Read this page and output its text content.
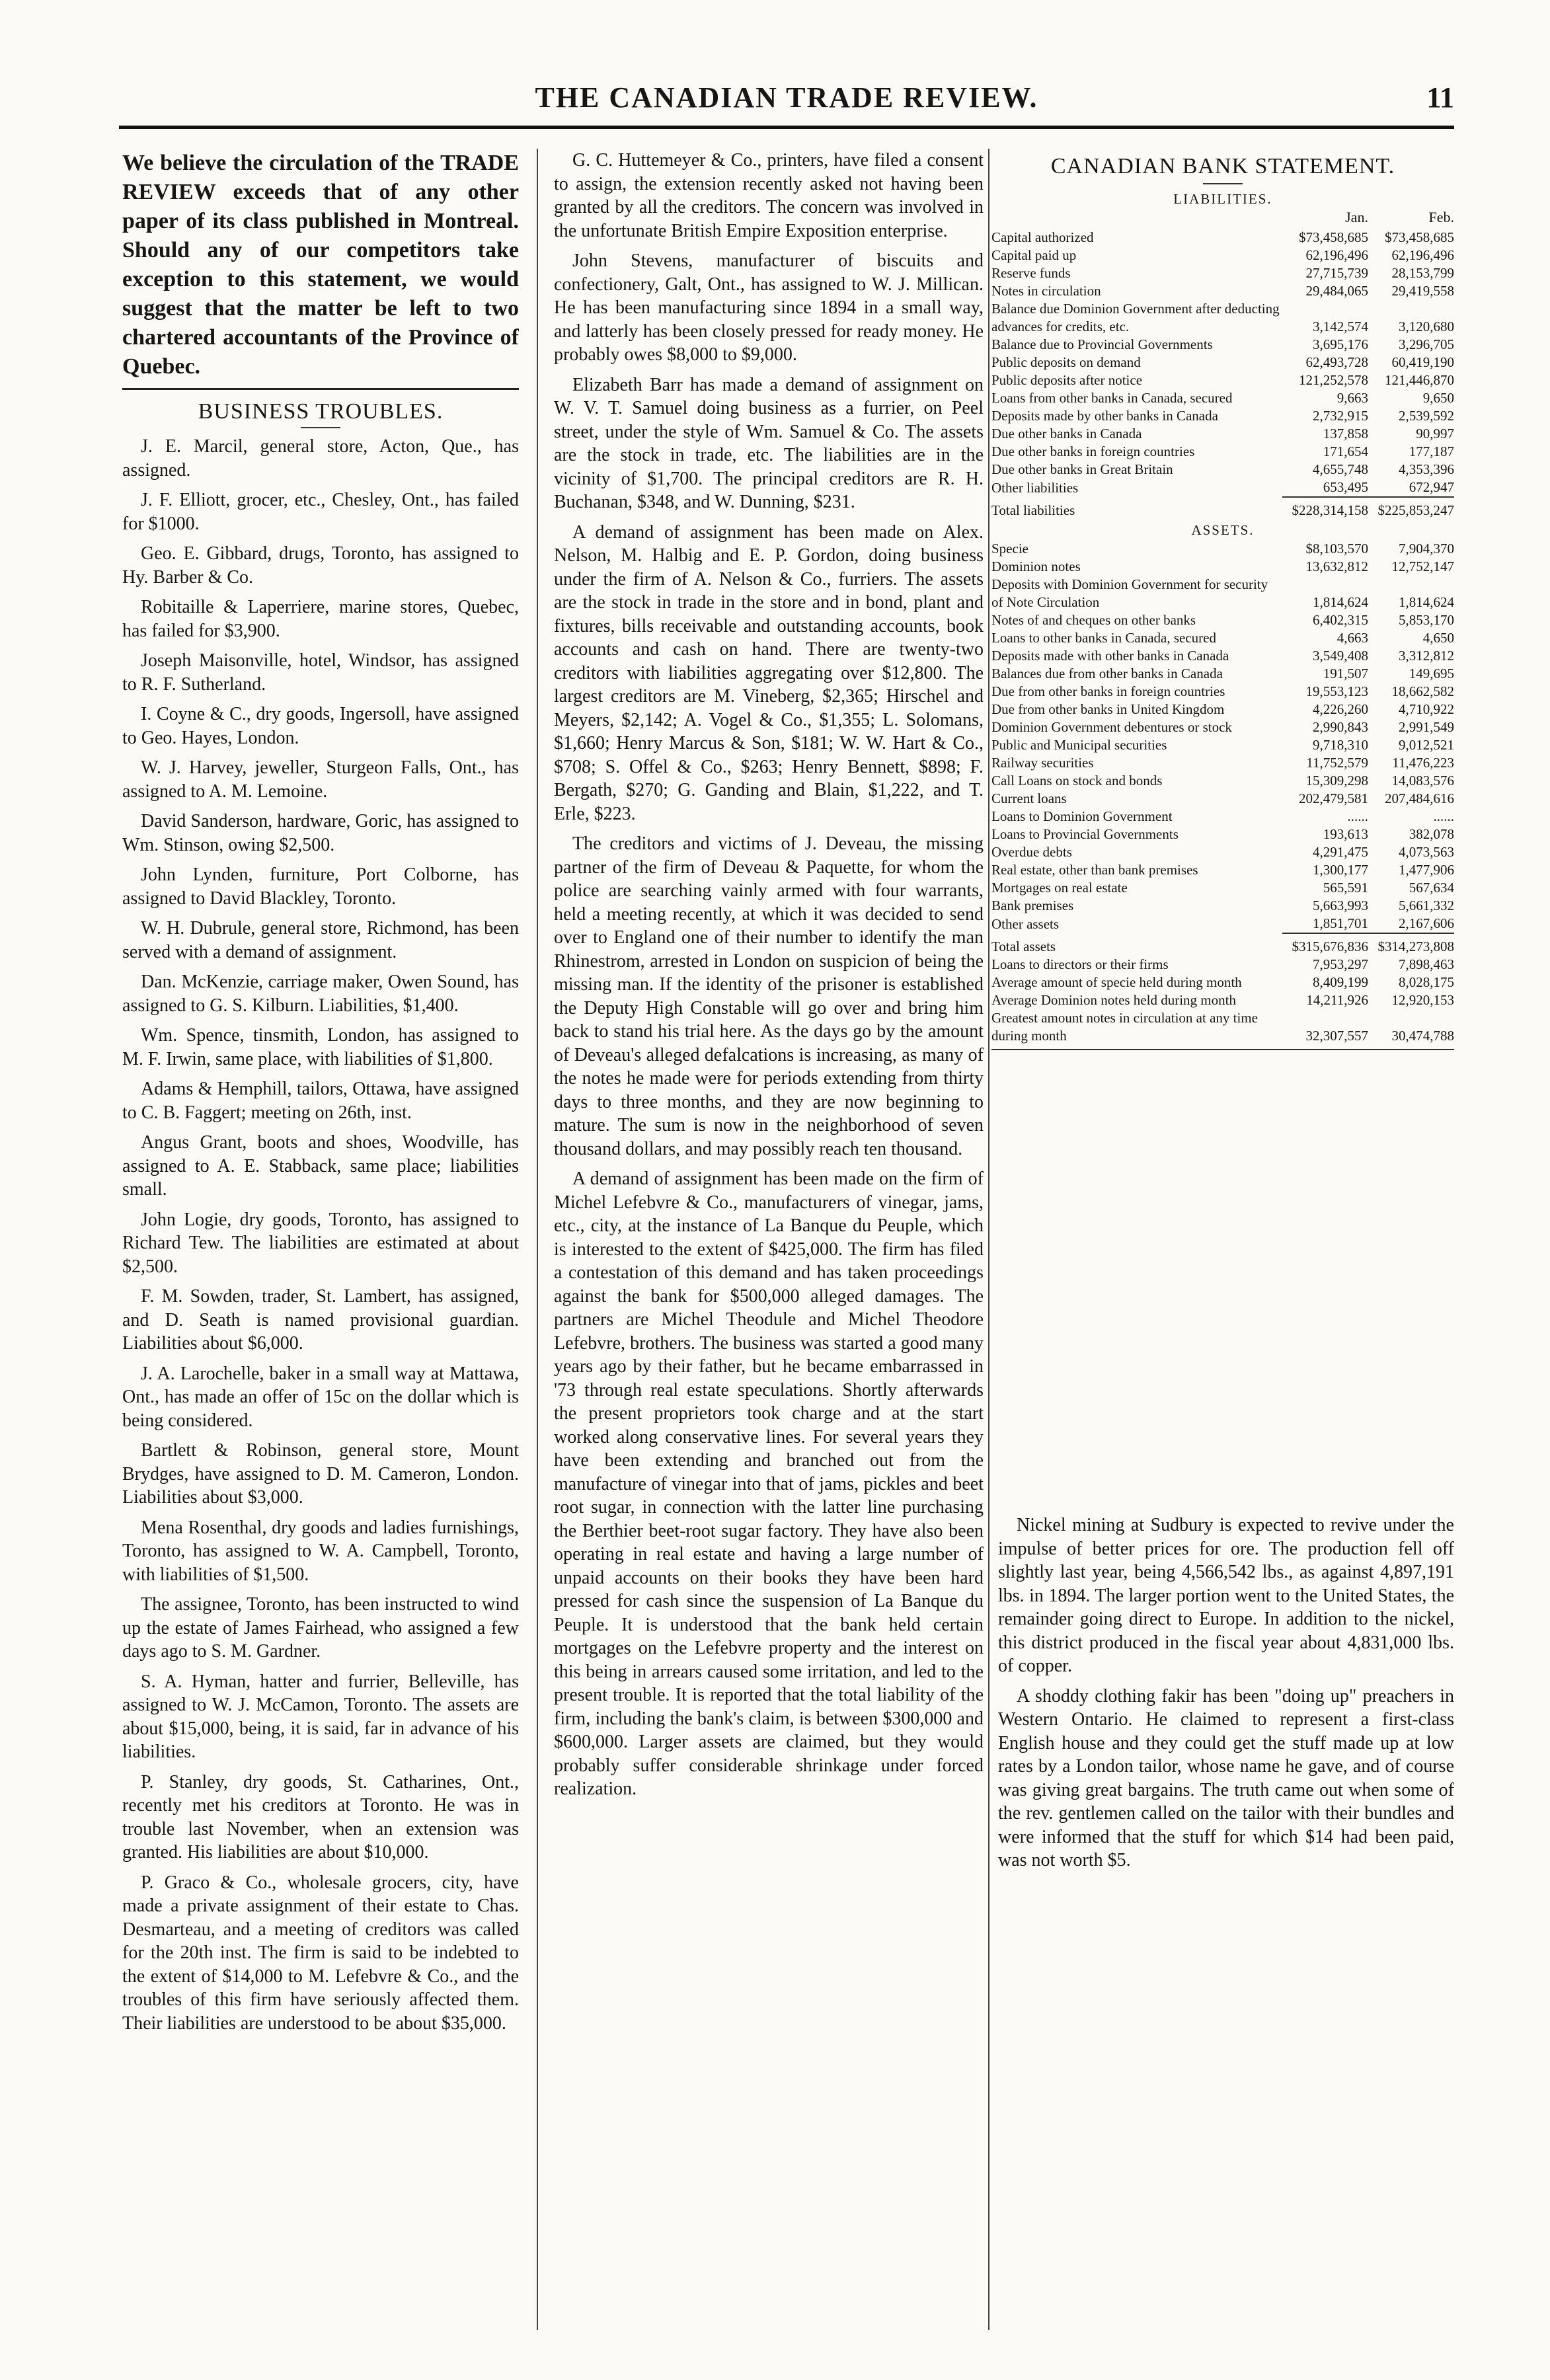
THE CANADIAN TRADE REVIEW.	11

We believe the circulation of the TRADE REVIEW exceeds that of any other paper of its class published in Montreal. Should any of our competitors take exception to this statement, we would suggest that the matter be left to two chartered accountants of the Province of Quebec.

BUSINESS TROUBLES.

J. E. Marcil, general store, Acton, Que., has assigned.

J. F. Elliott, grocer, etc., Chesley, Ont., has failed for $1000.

Geo. E. Gibbard, drugs, Toronto, has assigned to Hy. Barber & Co.

Robitaille & Laperriere, marine stores, Quebec, has failed for $3,900.

Joseph Maisonville, hotel, Windsor, has assigned to R. F. Sutherland.

I. Coyne & C., dry goods, Ingersoll, have assigned to Geo. Hayes, London.

W. J. Harvey, jeweller, Sturgeon Falls, Ont., has assigned to A. M. Lemoine.

David Sanderson, hardware, Goric, has assigned to Wm. Stinson, owing $2,500.

John Lynden, furniture, Port Colborne, has assigned to David Blackley, Toronto.

W. H. Dubrule, general store, Richmond, has been served with a demand of assignment.

Dan. McKenzie, carriage maker, Owen Sound, has assigned to G. S. Kilburn. Liabilities, $1,400.

Wm. Spence, tinsmith, London, has assigned to M. F. Irwin, same place, with liabilities of $1,800.

Adams & Hemphill, tailors, Ottawa, have assigned to C. B. Faggert; meeting on 26th, inst.

Angus Grant, boots and shoes, Woodville, has assigned to A. E. Stabback, same place; liabilities small.

John Logie, dry goods, Toronto, has assigned to Richard Tew. The liabilities are estimated at about $2,500.

F. M. Sowden, trader, St. Lambert, has assigned, and D. Seath is named provisional guardian. Liabilities about $6,000.

J. A. Larochelle, baker in a small way at Mattawa, Ont., has made an offer of 15c on the dollar which is being considered.

Bartlett & Robinson, general store, Mount Brydges, have assigned to D. M. Cameron, London. Liabilities about $3,000.

Mena Rosenthal, dry goods and ladies furnishings, Toronto, has assigned to W. A. Campbell, Toronto, with liabilities of $1,500.

The assignee, Toronto, has been instructed to wind up the estate of James Fairhead, who assigned a few days ago to S. M. Gardner.

S. A. Hyman, hatter and furrier, Belleville, has assigned to W. J. McCamon, Toronto. The assets are about $15,000, being, it is said, far in advance of his liabilities.

P. Stanley, dry goods, St. Catharines, Ont., recently met his creditors at Toronto. He was in trouble last November, when an extension was granted. His liabilities are about $10,000.

P. Graco & Co., wholesale grocers, city, have made a private assignment of their estate to Chas. Desmarteau, and a meeting of creditors was called for the 20th inst. The firm is said to be indebted to the extent of $14,000 to M. Lefebvre & Co., and the troubles of this firm have seriously affected them. Their liabilities are understood to be about $35,000.

G. C. Huttemeyer & Co., printers, have filed a consent to assign, the extension recently asked not having been granted by all the creditors. The concern was involved in the unfortunate British Empire Exposition enterprise.

John Stevens, manufacturer of biscuits and confectionery, Galt, Ont., has assigned to W. J. Millican. He has been manufacturing since 1894 in a small way, and latterly has been closely pressed for ready money. He probably owes $8,000 to $9,000.

Elizabeth Barr has made a demand of assignment on W. V. T. Samuel doing business as a furrier, on Peel street, under the style of Wm. Samuel & Co. The assets are the stock in trade, etc. The liabilities are in the vicinity of $1,700. The principal creditors are R. H. Buchanan, $348, and W. Dunning, $231.

A demand of assignment has been made on Alex. Nelson, M. Halbig and E. P. Gordon, doing business under the firm of A. Nelson & Co., furriers. The assets are the stock in trade in the store and in bond, plant and fixtures, bills receivable and outstanding accounts, book accounts and cash on hand. There are twenty-two creditors with liabilities aggregating over $12,800. The largest creditors are M. Vineberg, $2,365; Hirschel and Meyers, $2,142; A. Vogel & Co., $1,355; L. Solomans, $1,660; Henry Marcus & Son, $181; W. W. Hart & Co., $708; S. Offel & Co., $263; Henry Bennett, $898; F. Bergath, $270; G. Ganding and Blain, $1,222, and T. Erle, $223.

The creditors and victims of J. Deveau, the missing partner of the firm of Deveau & Paquette, for whom the police are searching vainly armed with four warrants, held a meeting recently, at which it was decided to send over to England one of their number to identify the man Rhinestrom, arrested in London on suspicion of being the missing man. If the identity of the prisoner is established the Deputy High Constable will go over and bring him back to stand his trial here. As the days go by the amount of Deveau's alleged defalcations is increasing, as many of the notes he made were for periods extending from thirty days to three months, and they are now beginning to mature. The sum is now in the neighborhood of seven thousand dollars, and may possibly reach ten thousand.

A demand of assignment has been made on the firm of Michel Lefebvre & Co., manufacturers of vinegar, jams, etc., city, at the instance of La Banque du Peuple, which is interested to the extent of $425,000. The firm has filed a contestation of this demand and has taken proceedings against the bank for $500,000 alleged damages. The partners are Michel Theodule and Michel Theodore Lefebvre, brothers. The business was started a good many years ago by their father, but he became embarrassed in '73 through real estate speculations. Shortly afterwards the present proprietors took charge and at the start worked along conservative lines. For several years they have been extending and branched out from the manufacture of vinegar into that of jams, pickles and beet root sugar, in connection with the latter line purchasing the Berthier beet-root sugar factory. They have also been operating in real estate and having a large number of unpaid accounts on their books they have been hard pressed for cash since the suspension of La Banque du Peuple. It is understood that the bank held certain mortgages on the Lefebvre property and the interest on this being in arrears caused some irritation, and led to the present trouble. It is reported that the total liability of the firm, including the bank's claim, is between $300,000 and $600,000. Larger assets are claimed, but they would probably suffer considerable shrinkage under forced realization.

CANADIAN BANK STATEMENT.
LIABILITIES.
Jan.	Feb.
Capital authorized	$73,458,685	$73,458,685
Capital paid up	62,196,496	62,196,496
Reserve funds	27,715,739	28,153,799
Notes in circulation	29,484,065	29,419,558
Balance due Dominion Government after deducting advances for credits, etc.	3,142,574	3,120,680
Balance due to Provincial Governments	3,695,176	3,296,705
Public deposits on demand	62,493,728	60,419,190
Public deposits after notice	121,252,578	121,446,870
Loans from other banks in Canada, secured	9,663	9,650
Deposits made by other banks in Canada	2,732,915	2,539,592
Due other banks in Canada	137,858	90,997
Due other banks in foreign countries	171,654	177,187
Due other banks in Great Britain	4,655,748	4,353,396
Other liabilities	653,495	672,947
Total liabilities	$228,314,158	$225,853,247
ASSETS.
Specie	$8,103,570	7,904,370
Dominion notes	13,632,812	12,752,147
Deposits with Dominion Government for security of Note Circulation	1,814,624	1,814,624
Notes of and cheques on other banks	6,402,315	5,853,170
Loans to other banks in Canada, secured	4,663	4,650
Deposits made with other banks in Canada	3,549,408	3,312,812
Balances due from other banks in Canada	191,507	149,695
Due from other banks in foreign countries	19,553,123	18,662,582
Due from other banks in United Kingdom	4,226,260	4,710,922
Dominion Government debentures or stock	2,990,843	2,991,549
Public and Municipal securities	9,718,310	9,012,521
Railway securities	11,752,579	11,476,223
Call Loans on stock and bonds	15,309,298	14,083,576
Current loans	202,479,581	207,484,616
Loans to Dominion Government	......	......
Loans to Provincial Governments	193,613	382,078
Overdue debts	4,291,475	4,073,563
Real estate, other than bank premises	1,300,177	1,477,906
Mortgages on real estate	565,591	567,634
Bank premises	5,663,993	5,661,332
Other assets	1,851,701	2,167,606
Total assets	$315,676,836	$314,273,808
Loans to directors or their firms	7,953,297	7,898,463
Average amount of specie held during month	8,409,199	8,028,175
Average Dominion notes held during month	14,211,926	12,920,153
Greatest amount notes in circulation at any time during month	32,307,557	30,474,788

Nickel mining at Sudbury is expected to revive under the impulse of better prices for ore. The production fell off slightly last year, being 4,566,542 lbs., as against 4,897,191 lbs. in 1894. The larger portion went to the United States, the remainder going direct to Europe. In addition to the nickel, this district produced in the fiscal year about 4,831,000 lbs. of copper.

A shoddy clothing fakir has been "doing up" preachers in Western Ontario. He claimed to represent a first-class English house and they could get the stuff made up at low rates by a London tailor, whose name he gave, and of course was giving great bargains. The truth came out when some of the rev. gentlemen called on the tailor with their bundles and were informed that the stuff for which $14 had been paid, was not worth $5.
